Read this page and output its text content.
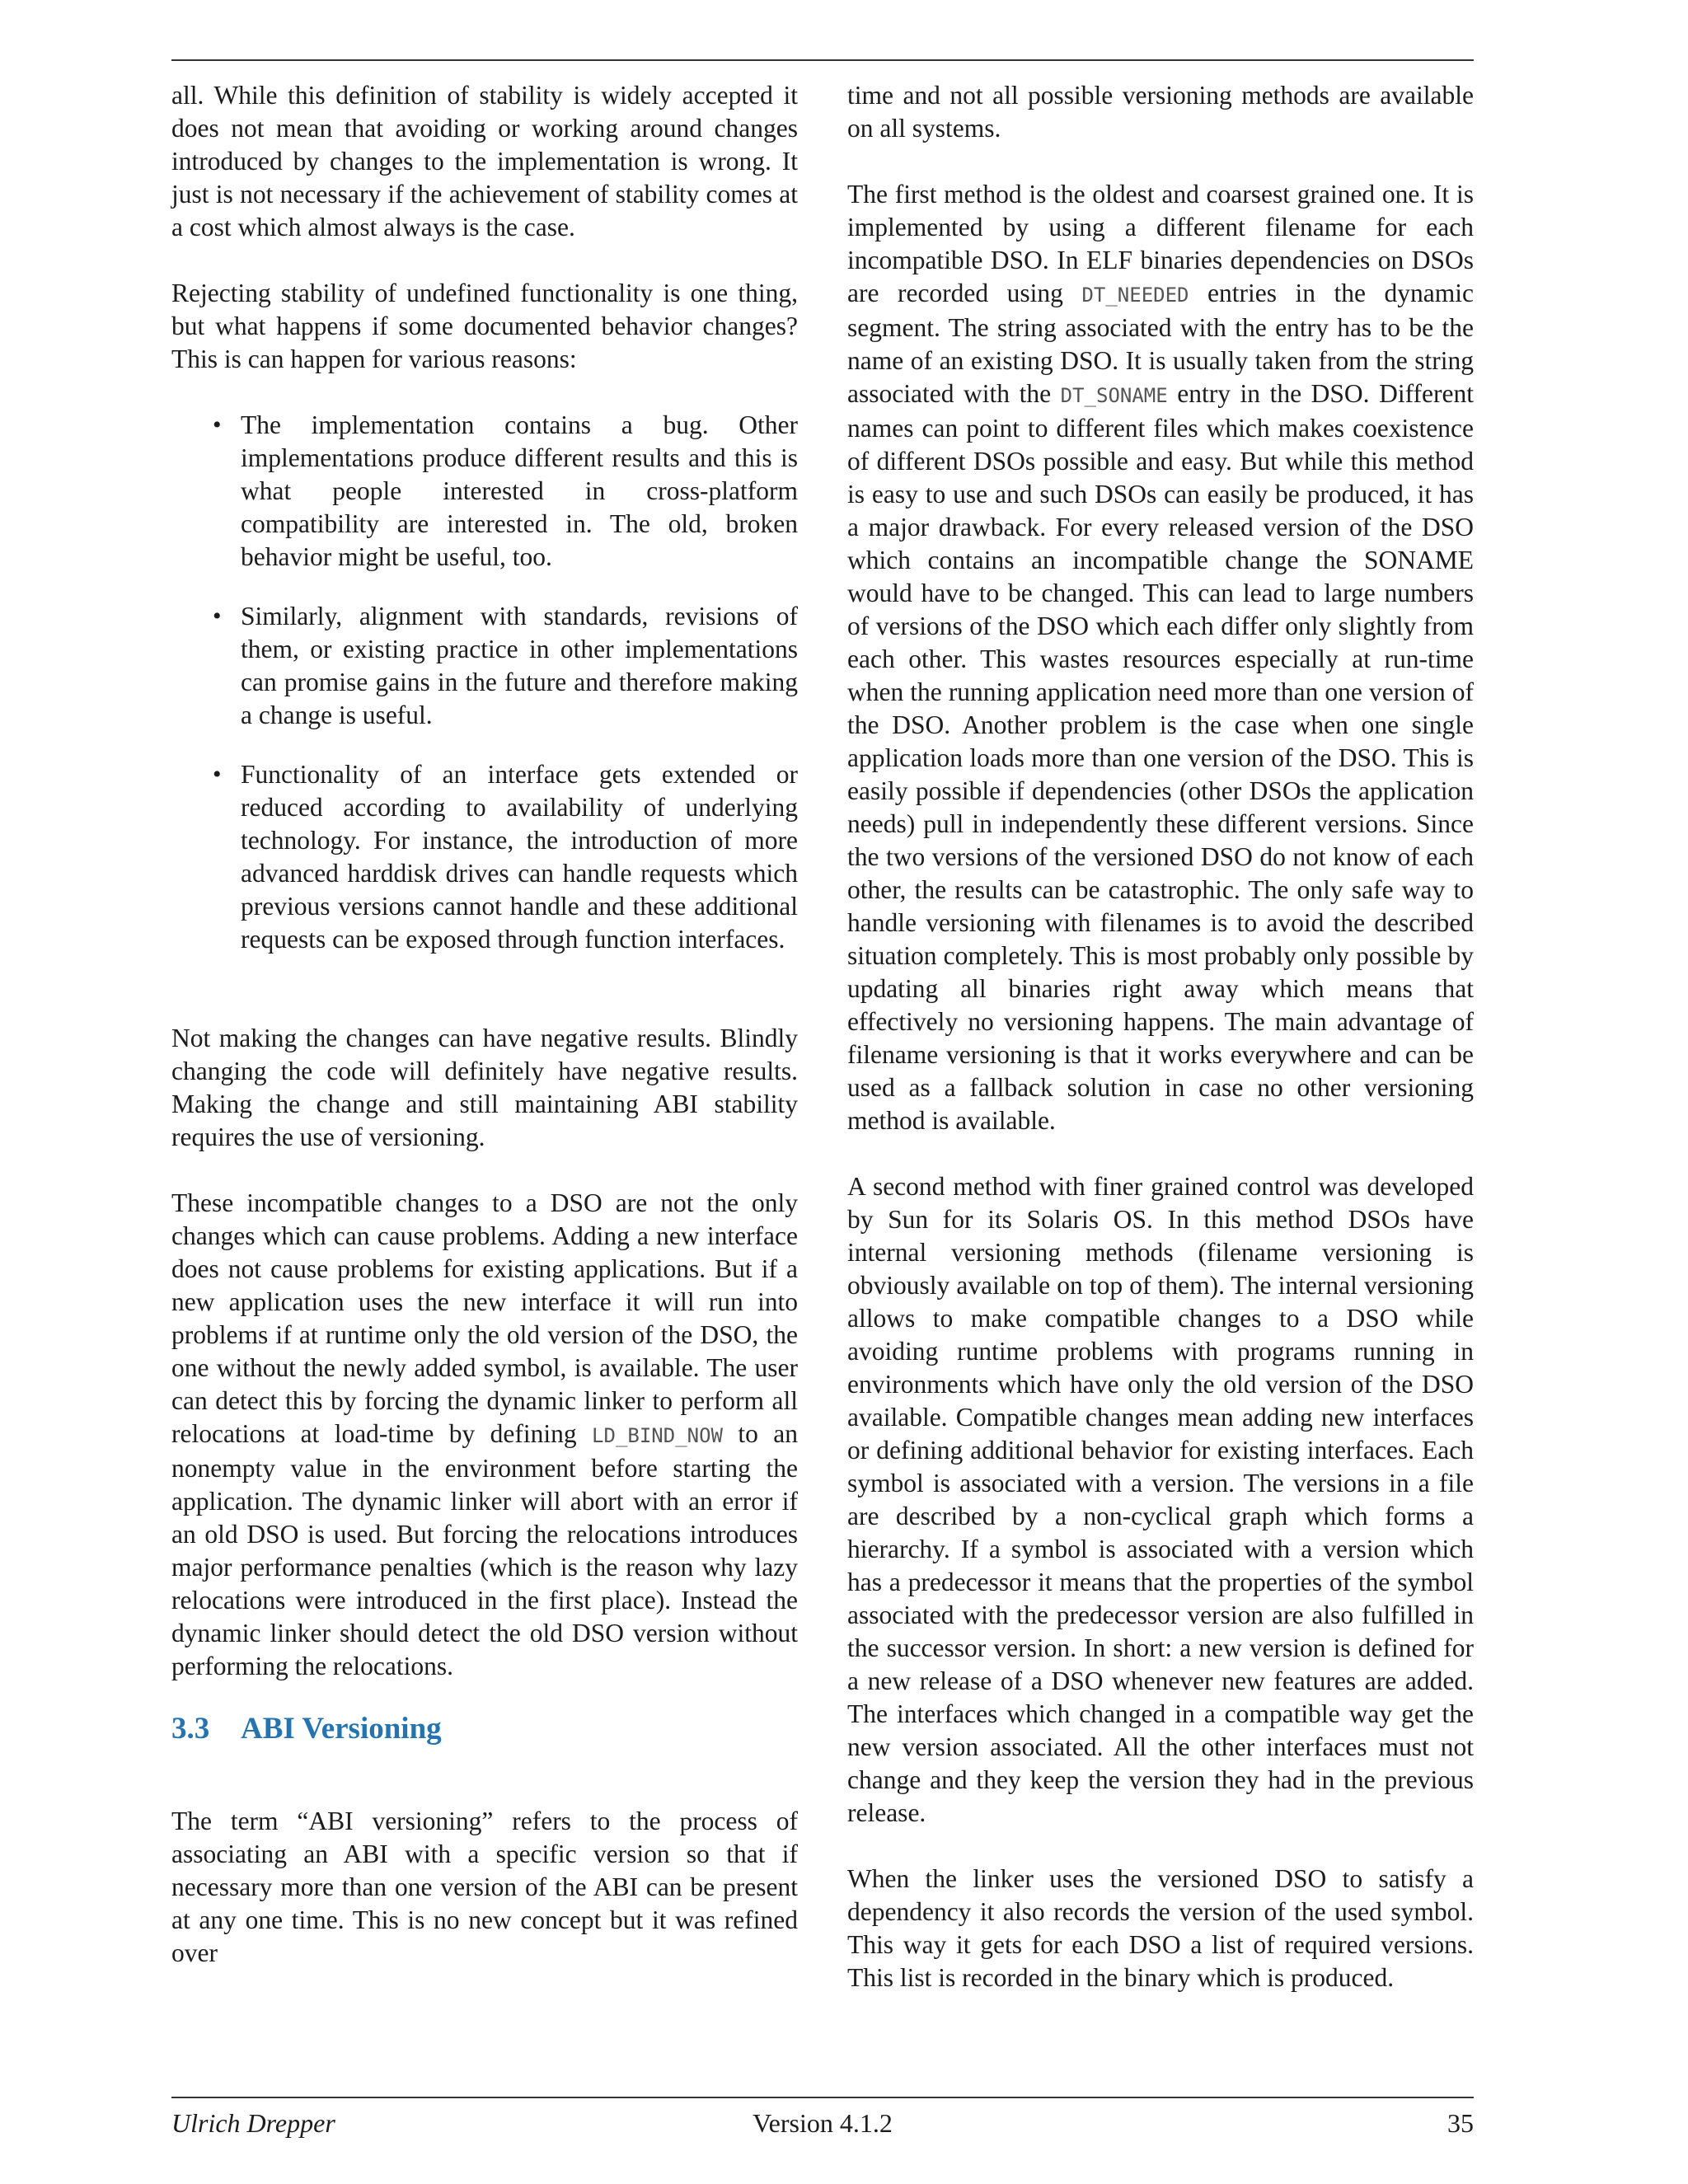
all. While this definition of stability is widely accepted it does not mean that avoiding or working around changes introduced by changes to the implementation is wrong. It just is not necessary if the achievement of stability comes at a cost which almost always is the case.

Rejecting stability of undefined functionality is one thing, but what happens if some documented behavior changes? This is can happen for various reasons:

• The implementation contains a bug. Other implementations produce different results and this is what people interested in cross-platform compatibility are interested in. The old, broken behavior might be useful, too.
• Similarly, alignment with standards, revisions of them, or existing practice in other implementations can promise gains in the future and therefore making a change is useful.
• Functionality of an interface gets extended or reduced according to availability of underlying technology. For instance, the introduction of more advanced harddisk drives can handle requests which previous versions cannot handle and these additional requests can be exposed through function interfaces.

Not making the changes can have negative results. Blindly changing the code will definitely have negative results. Making the change and still maintaining ABI stability requires the use of versioning.

These incompatible changes to a DSO are not the only changes which can cause problems. Adding a new interface does not cause problems for existing applications. But if a new application uses the new interface it will run into problems if at runtime only the old version of the DSO, the one without the newly added symbol, is available. The user can detect this by forcing the dynamic linker to perform all relocations at load-time by defining LD_BIND_NOW to an nonempty value in the environment before starting the application. The dynamic linker will abort with an error if an old DSO is used. But forcing the relocations introduces major performance penalties (which is the reason why lazy relocations were introduced in the first place). Instead the dynamic linker should detect the old DSO version without performing the relocations.

3.3 ABI Versioning

The term “ABI versioning” refers to the process of associating an ABI with a specific version so that if necessary more than one version of the ABI can be present at any one time. This is no new concept but it was refined over

time and not all possible versioning methods are available on all systems.

The first method is the oldest and coarsest grained one. It is implemented by using a different filename for each incompatible DSO. In ELF binaries dependencies on DSOs are recorded using DT_NEEDED entries in the dynamic segment. The string associated with the entry has to be the name of an existing DSO. It is usually taken from the string associated with the DT_SONAME entry in the DSO. Different names can point to different files which makes coexistence of different DSOs possible and easy. But while this method is easy to use and such DSOs can easily be produced, it has a major drawback. For every released version of the DSO which contains an incompatible change the SONAME would have to be changed. This can lead to large numbers of versions of the DSO which each differ only slightly from each other. This wastes resources especially at run-time when the running application need more than one version of the DSO. Another problem is the case when one single application loads more than one version of the DSO. This is easily possible if dependencies (other DSOs the application needs) pull in independently these different versions. Since the two versions of the versioned DSO do not know of each other, the results can be catastrophic. The only safe way to handle versioning with filenames is to avoid the described situation completely. This is most probably only possible by updating all binaries right away which means that effectively no versioning happens. The main advantage of filename versioning is that it works everywhere and can be used as a fallback solution in case no other versioning method is available.

A second method with finer grained control was developed by Sun for its Solaris OS. In this method DSOs have internal versioning methods (filename versioning is obviously available on top of them). The internal versioning allows to make compatible changes to a DSO while avoiding runtime problems with programs running in environments which have only the old version of the DSO available. Compatible changes mean adding new interfaces or defining additional behavior for existing interfaces. Each symbol is associated with a version. The versions in a file are described by a non-cyclical graph which forms a hierarchy. If a symbol is associated with a version which has a predecessor it means that the properties of the symbol associated with the predecessor version are also fulfilled in the successor version. In short: a new version is defined for a new release of a DSO whenever new features are added. The interfaces which changed in a compatible way get the new version associated. All the other interfaces must not change and they keep the version they had in the previous release.

When the linker uses the versioned DSO to satisfy a dependency it also records the version of the used symbol. This way it gets for each DSO a list of required versions. This list is recorded in the binary which is produced.

Ulrich Drepper	Version 4.1.2	35
